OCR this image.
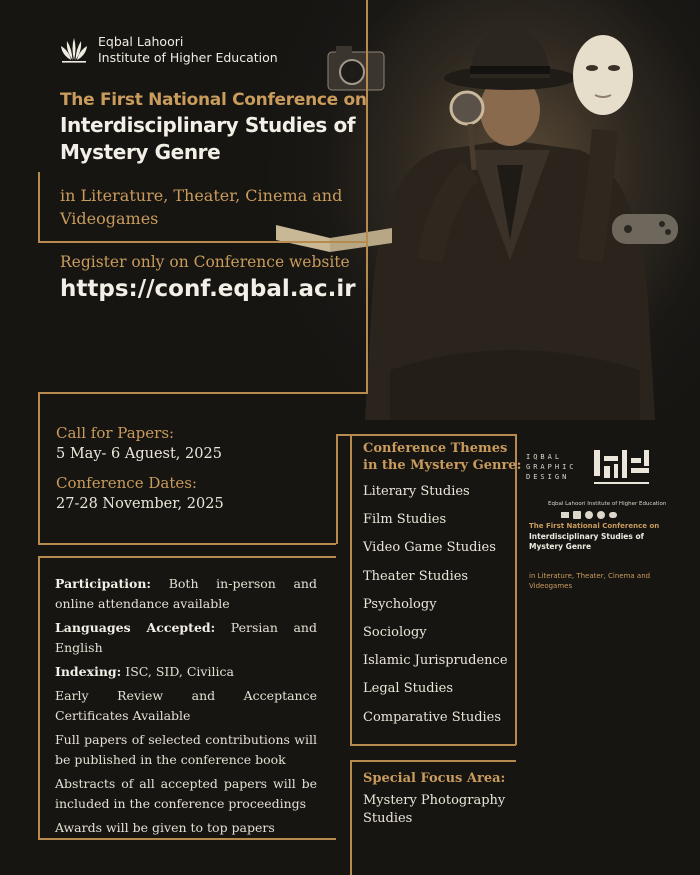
Eqbal Lahoori
Institute of Higher Education
The First National Conference on
Interdisciplinary Studies of Mystery Genre
in Literature, Theater, Cinema and Videogames
Register only on Conference website
https://conf.eqbal.ac.ir
Call for Papers:
5 May- 6 Aguest, 2025
Conference Dates:
27-28 November, 2025

Participation: Both in-person and online attendance available

Languages Accepted: Persian and English

Indexing: ISC, SID, Civilica

Early Review and Acceptance Certificates Available

Full papers of selected contributions will be published in the conference book

Abstracts of all accepted papers will be included in the conference proceedings

Awards will be given to top papers

Conference Themes
in the Mystery Genre:
Literary Studies
Film Studies
Video Game Studies
Theater Studies
Psychology
Sociology
Islamic Jurisprudence
Legal Studies
Comparative Studies
Special Focus Area:
Mystery Photography Studies
IQBAL
GRAPHIC
DESIGN
Eqbal Lahoori Institute of Higher Education
The First National Conference on
Interdisciplinary Studies of Mystery Genre
in Literature, Theater, Cinema and Videogames
